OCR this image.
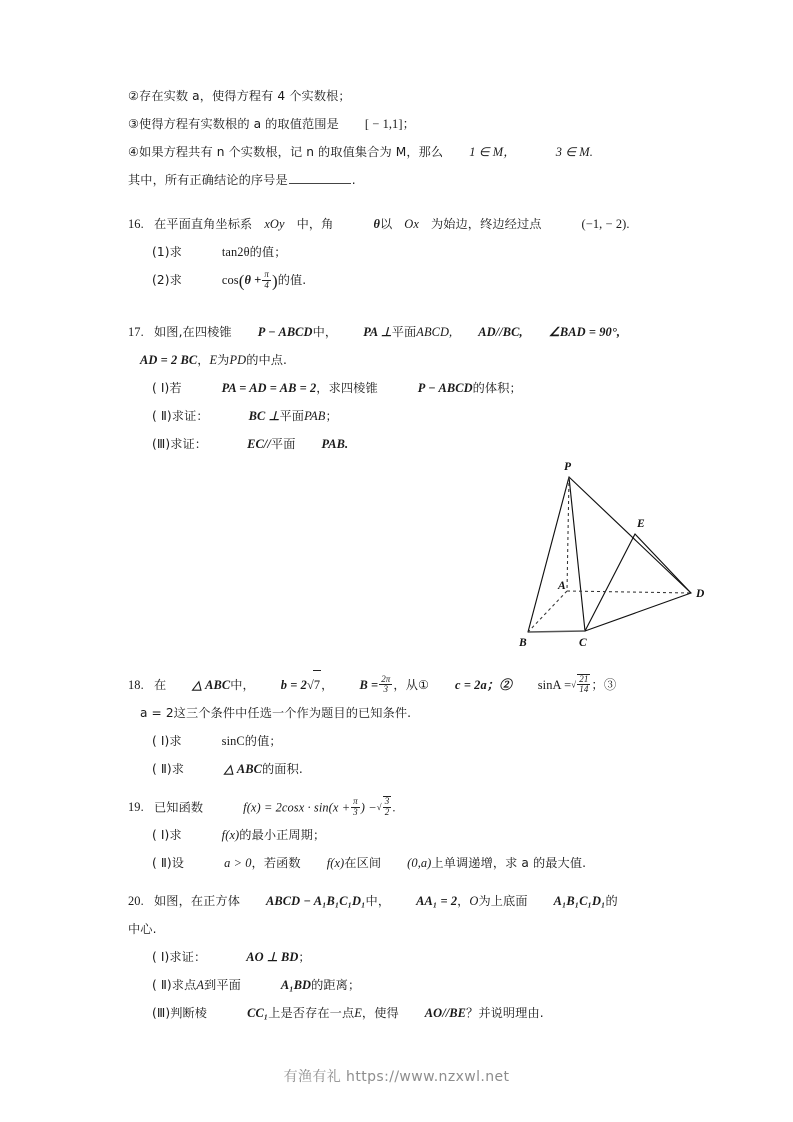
②存在实数 a，使得方程有 4 个实数根；
③使得方程有实数根的 a 的取值范围是 [ − 1,1]；
④如果方程共有 n 个实数根，记 n 的取值集合为 M，那么 1 ∈ M，	3 ∈ M.
其中，所有正确结论的序号是	.
16. 在平面直角坐标系 xOy 中，角	θ以 Ox 为始边，终边经过点	(−1, − 2).
(1)求	tan2θ的值；
(2)求	$\cos(\theta + \frac{\pi}{4}$ )的值.
17. 如图,在四棱锥 P − ABCD中， PA ⊥平面ABCD, AD//BC, ∠BAD = 90°,
AD = 2 BC，E为PD的中点.
( Ⅰ)若	PA = AD = AB = 2，求四棱锥	P − ABCD的体积；
( Ⅱ)求证：	BC ⊥平面PAB；
(Ⅲ)求证：	EC//平面 PAB.
18. 在 △ ABC中， b = 2√7， $B = \frac{2\pi}{3}$ ，从① c = 2a；② sinA =√ $\frac{21}{14}$ ；③
a = 2这三个条件中任选一个作为题目的已知条件.
( Ⅰ)求	sinC的值；
( Ⅱ)求	△ ABC的面积.
19. 已知函数	$f(x) = 2\cos x \cdot \sin(x + \frac{\pi}{3}$ ) −√ $\frac{3}{2}$ .
( Ⅰ)求	f(x)的最小正周期；
( Ⅱ)设	a > 0，若函数 f(x)在区间 (0,a)上单调递增，求 a 的最大值.
20. 如图，在正方体 ABCD − A₁B₁C₁D₁中， AA₁ = 2，O为上底面 A₁B₁C₁D₁的
中心.
( Ⅰ)求证：	AO ⊥ BD；
( Ⅱ)求点A到平面	A₁BD的距离；
(Ⅲ)判断棱	CC₁上是否存在一点E，使得 AO//BE？并说明理由.
P
E
D
A
B	C
有渔有礼 https://www.nzxwl.net
